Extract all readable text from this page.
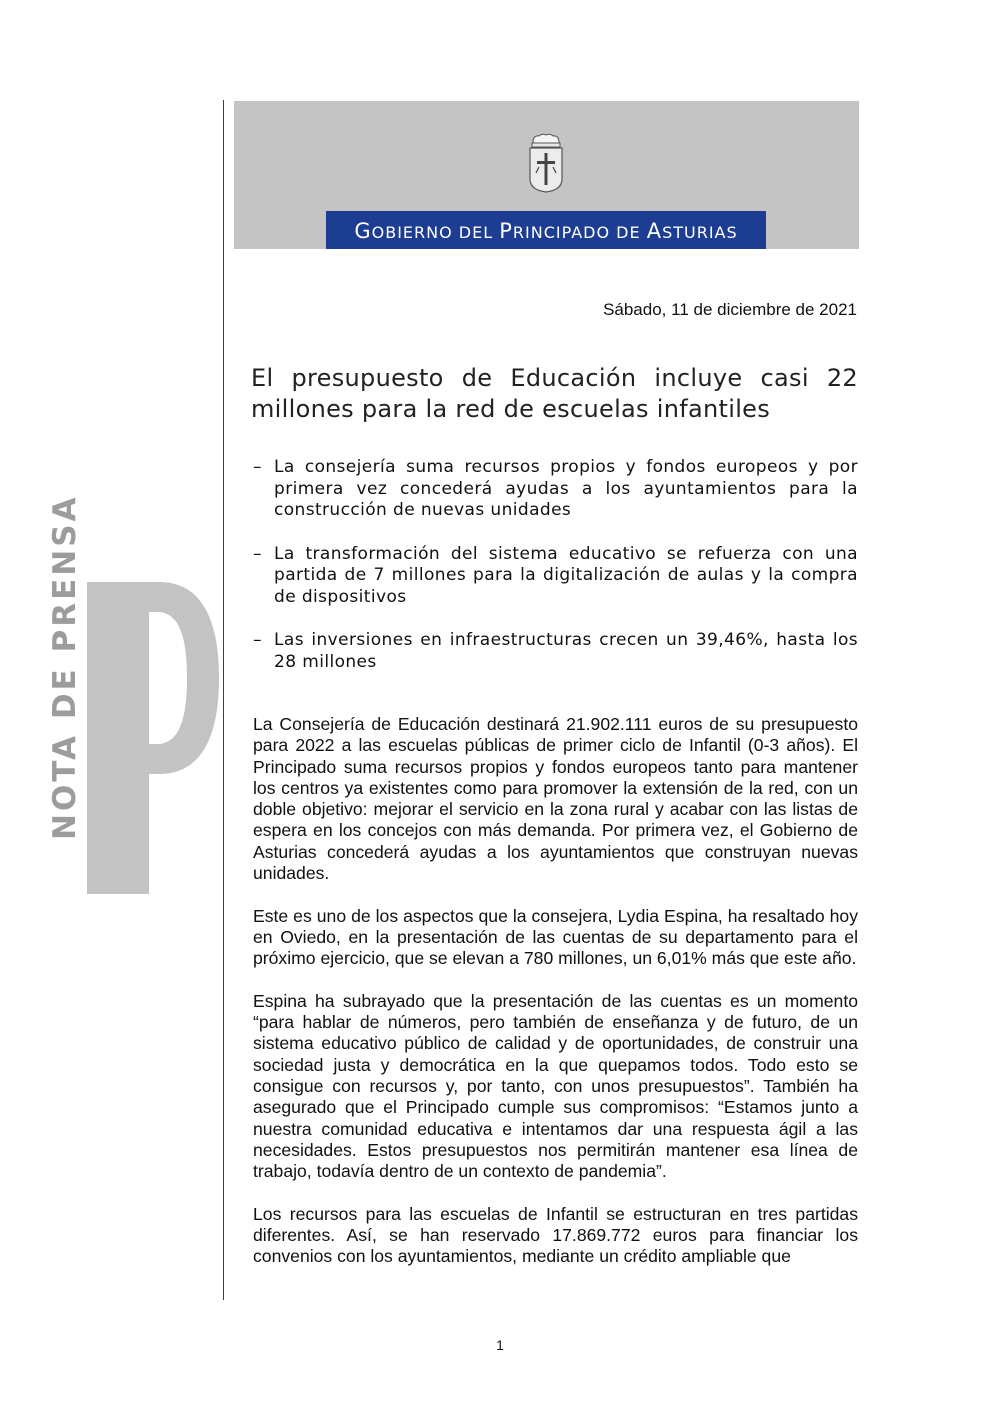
NOTA DE PRENSA
GOBIERNO DEL PRINCIPADO DE ASTURIAS
Sábado, 11 de diciembre de 2021
El presupuesto de Educación incluye casi 22 millones para la red de escuelas infantiles
– La consejería suma recursos propios y fondos europeos y por primera vez concederá ayudas a los ayuntamientos para la construcción de nuevas unidades
– La transformación del sistema educativo se refuerza con una partida de 7 millones para la digitalización de aulas y la compra de dispositivos
– Las inversiones en infraestructuras crecen un 39,46%, hasta los 28 millones

La Consejería de Educación destinará 21.902.111 euros de su presupuesto para 2022 a las escuelas públicas de primer ciclo de Infantil (0-3 años). El Principado suma recursos propios y fondos europeos tanto para mantener los centros ya existentes como para promover la extensión de la red, con un doble objetivo: mejorar el servicio en la zona rural y acabar con las listas de espera en los concejos con más demanda. Por primera vez, el Gobierno de Asturias concederá ayudas a los ayuntamientos que construyan nuevas unidades.

Este es uno de los aspectos que la consejera, Lydia Espina, ha resaltado hoy en Oviedo, en la presentación de las cuentas de su departamento para el próximo ejercicio, que se elevan a 780 millones, un 6,01% más que este año.

Espina ha subrayado que la presentación de las cuentas es un momento “para hablar de números, pero también de enseñanza y de futuro, de un sistema educativo público de calidad y de oportunidades, de construir una sociedad justa y democrática en la que quepamos todos. Todo esto se consigue con recursos y, por tanto, con unos presupuestos”. También ha asegurado que el Principado cumple sus compromisos: “Estamos junto a nuestra comunidad educativa e intentamos dar una respuesta ágil a las necesidades. Estos presupuestos nos permitirán mantener esa línea de trabajo, todavía dentro de un contexto de pandemia”.

Los recursos para las escuelas de Infantil se estructuran en tres partidas diferentes. Así, se han reservado 17.869.772 euros para financiar los convenios con los ayuntamientos, mediante un crédito ampliable que

1
